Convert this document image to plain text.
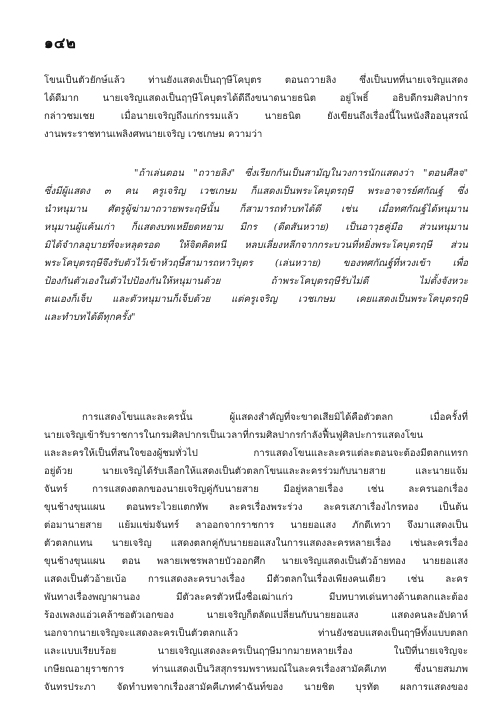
๑๔๒
โขนเป็นตัวยักษ์แล้ว ท่านยังแสดงเป็นฤๅษีโคบุตร ตอนถวายลิง ซึ่งเป็นบทที่นายเจริญแสดง
ได้ดีมาก นายเจริญแสดงเป็นฤๅษีโคบุตรได้ดีถึงขนาดนายธนิต อยู่โพธิ์ อธิบดีกรมศิลปากร
กล่าวชมเชย เมื่อนายเจริญถึงแก่กรรมแล้ว นายธนิต ยังเขียนถึงเรื่องนี้ในหนังสืออนุสรณ์
งานพระราชทานเพลิงศพนายเจริญ เวชเกษม ความว่า
"ถ้าเล่นตอน "ถวายลิง" ซึ่งเรียกกันเป็นสามัญในวงการนักแสดงว่า "ตอนศีลจ"
ซึ่งมีผู้แสดง ๓ คน ครูเจริญ เวชเกษม ก็แสดงเป็นพระโคบุตรฤษี พระอาจารย์ศกัณฐ์ ซึ่ง
นำหนุมาน ศัตรูผู้ฆ่ามาถวายพระฤษีนั้น ก็สามารถทำบทได้ดี เช่น เมื่อทศกัณฐ์ได้หนุมาน
หนุมานผู้แค้นเก่า ก็แสดงบทเหยียดหยาม มีกร (ดีดสันหวาย) เป็นอาวุธคู่มือ ส่วนหนุมาน
มิได้จำกลอุบายที่จะหลุดรอด ให้จิตคิดหนี หลบเลี่ยงหลีกจากกระบวนที่หยิ่งพระโคบุตรฤษี ส่วน
พระโคบุตรฤษีจึงรับตัวไว้เข้าหัวฤษี้สามารถหาวิบุตร (เล่นหวาย) ของทศกัณฐ์ที่หวงเข้า เพื่อ
ป้องกันตัวเองในตัวไปป้องกันให้หนุมานด้วย ถ้าพระโคบุตรฤษีรับไม่ดี ไม่ตั้งจังหวะ
ตนเองก็เจ็บ และตัวหนุมานก็เจ็บด้วย แต่ครูเจริญ เวชเกษม เคยแสดงเป็นพระโคบุตรฤษี
และทำบทได้ดีทุกครั้ง"
การแสดงโขนและละครนั้น ผู้แสดงสำคัญที่จะขาดเสียมิได้คือตัวตลก เมื่อครั้งที่
นายเจริญเข้ารับราชการในกรมศิลปากรเป็นเวลาที่กรมศิลปากรกำลังฟื้นฟูศิลปะการแสดงโขน
และละครให้เป็นที่สนใจของผู้ชมทั่วไป การแสดงโขนและละครแต่ละตอนจะต้องมีตลกแทรก
อยู่ด้วย นายเจริญได้รับเลือกให้แสดงเป็นตัวตลกโขนและละครร่วมกับนายสาย และนายแจ้ม
จันทร์ การแสดงตลกของนายเจริญคู่กับนายสาย มีอยู่หลายเรื่อง เช่น ละครนอกเรื่อง
ขุนช้างขุนแผน ตอนพระไวยแตกทัพ ละครเรื่องพระร่วง ละครเสภาเรื่องไกรทอง เป็นต้น
ต่อมานายสาย แย้มแข่มจันทร์ ลาออกจากราชการ นายยอแสง ภักดีเทวา จึงมาแสดงเป็น
ตัวตลกแทน นายเจริญ แสดงตลกคู่กับนายยอแสงในการแสดงละครหลายเรื่อง เช่นละครเรื่อง
ขุนช้างขุนแผน ตอน พลายเพชรพลายบัวออกศึก นายเจริญแสดงเป็นตัวอ้ายทอง นายยอแสง
แสดงเป็นตัวอ้ายเบ้อ การแสดงละครบางเรื่อง มีตัวตลกในเรื่องเพียงคนเดียว เช่น ละคร
พันทางเรื่องพญาผานอง มีตัวละครตัวหนึ่งชื่อเฒ่าแก่ว มีบทบาทเด่นทางด้านตลกและต้อง
ร้องเพลงแอ่วเคล้าซอตัวเอกของ นายเจริญก็ตลัดแปลี่ยนกับนายยอแสง แสดงคนละอัปดาห์
นอกจากนายเจริญจะแสดงละครเป็นตัวตลกแล้ว ท่านยังชอบแสดงเป็นฤๅษีทั้งแบบตลก
และแบบเรียบร้อย นายเจริญแสดงละครเป็นฤๅษีมากมายหลายเรื่อง ในปีที่นายเจริญจะ
เกษียณอายุราชการ ท่านแสดงเป็นวิสสุกรรมพราหมณ์ในละครเรื่องสามัคคีเภท ซึ่งนายสมภพ
จันทรประภา จัดทำบทจากเรื่องสามัคคีเภทคำฉันท์ของ นายชิต บุรทัต ผลการแสดงของ
